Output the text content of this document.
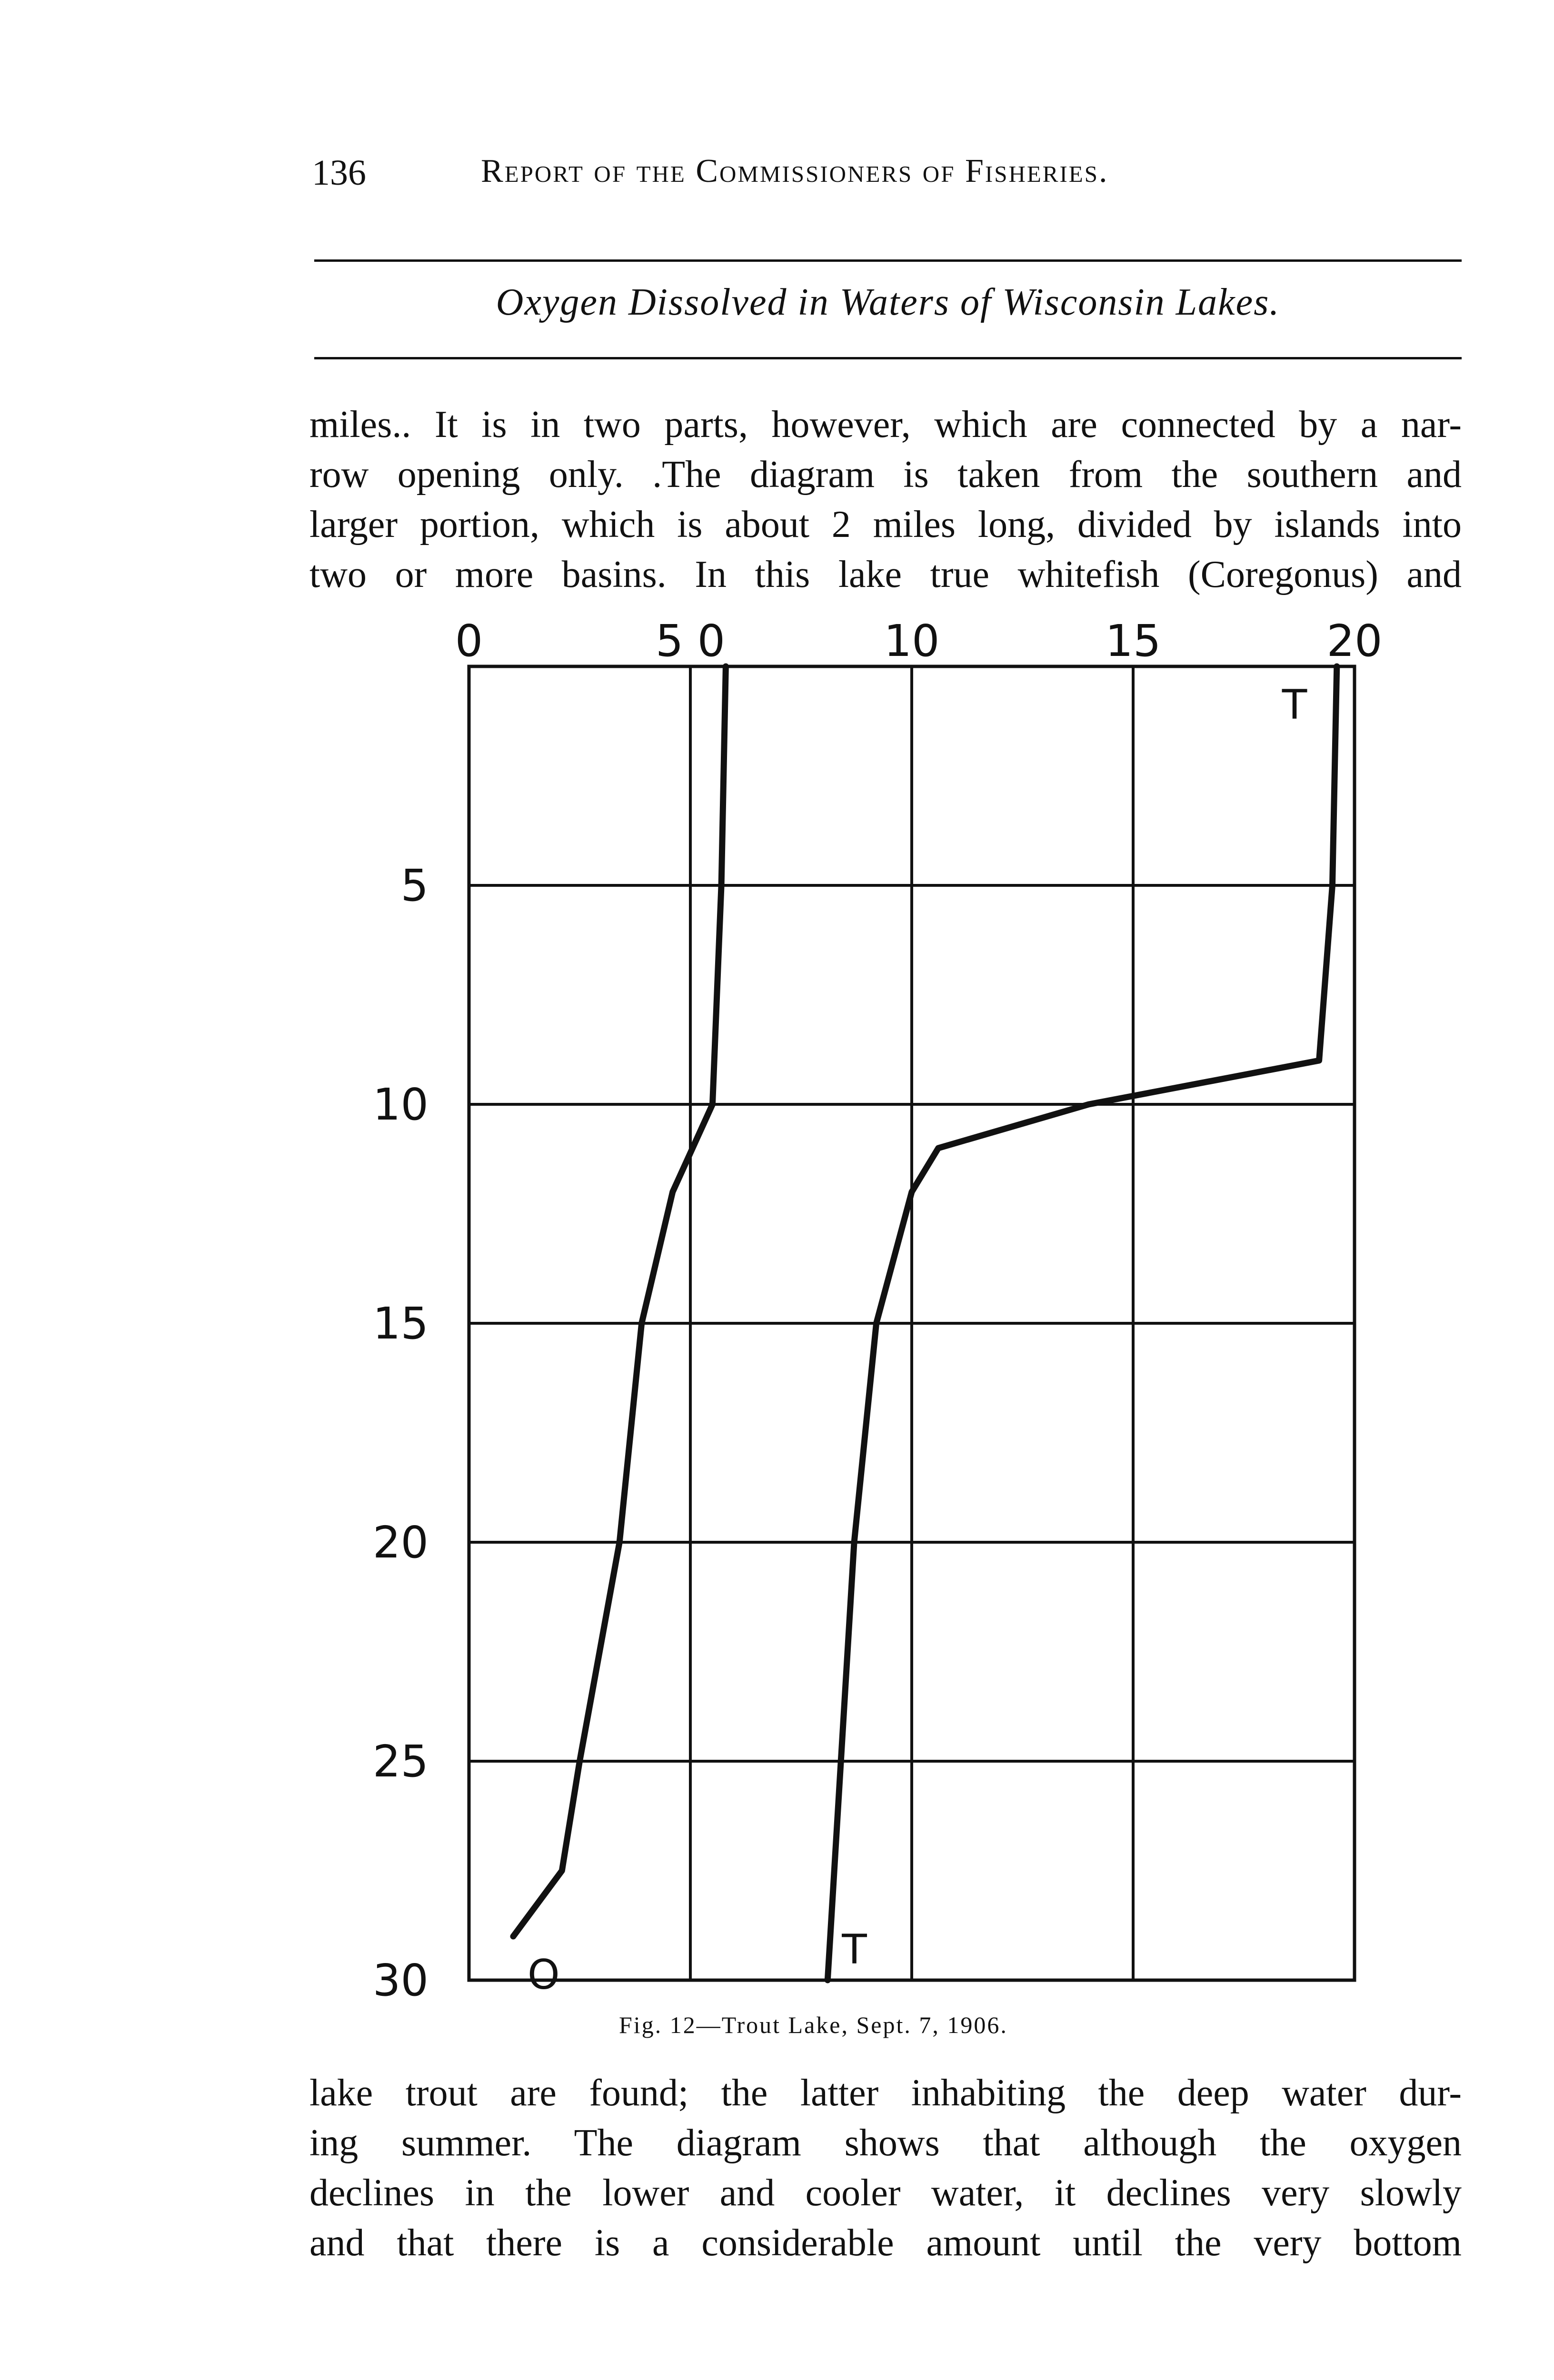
136	Report of the Commissioners of Fisheries.
Oxygen Dissolved in Waters of Wisconsin Lakes.
miles.. It is in two parts, however, which are connected by a nar-
row opening only. .The diagram is taken from the southern and
larger portion, which is about 2 miles long, divided by islands into
two or more basins. In this lake true whitefish (Coregonus) and
0	5 0	10	15	20
5
10
15
20
25
30 O
T
T
Fig. 12—Trout Lake, Sept. 7, 1906.
lake trout are found; the latter inhabiting the deep water dur-
ing summer. The diagram shows that although the oxygen
declines in the lower and cooler water, it declines very slowly
and that there is a considerable amount until the very bottom
